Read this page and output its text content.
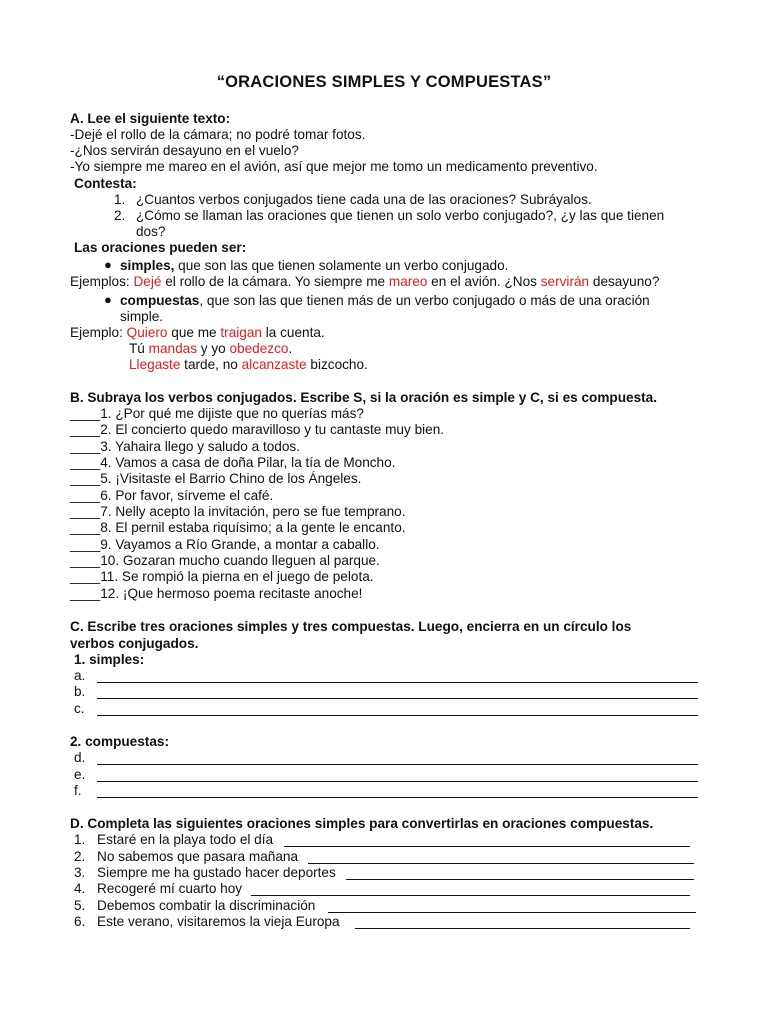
“ORACIONES SIMPLES Y COMPUESTAS”
A. Lee el siguiente texto:
-Dejé el rollo de la cámara; no podré tomar fotos.
-¿Nos servirán desayuno en el vuelo?
-Yo siempre me mareo en el avión, así que mejor me tomo un medicamento preventivo.
Contesta:
1. ¿Cuantos verbos conjugados tiene cada una de las oraciones? Subráyalos.
2. ¿Cómo se llaman las oraciones que tienen un solo verbo conjugado?, ¿y las que tienen
dos?
Las oraciones pueden ser:
● simples, que son las que tienen solamente un verbo conjugado.
Ejemplos: Dejé el rollo de la cámara. Yo siempre me mareo en el avión. ¿Nos servirán desayuno?
● compuestas, que son las que tienen más de un verbo conjugado o más de una oración
simple.
Ejemplo: Quiero que me traigan la cuenta.
Tú mandas y yo obedezco.
Llegaste tarde, no alcanzaste bizcocho.
B. Subraya los verbos conjugados. Escribe S, si la oración es simple y C, si es compuesta.
____1. ¿Por qué me dijiste que no querías más?
____2. El concierto quedo maravilloso y tu cantaste muy bien.
____3. Yahaira llego y saludo a todos.
____4. Vamos a casa de doña Pilar, la tía de Moncho.
____5. ¡Visitaste el Barrio Chino de los Ángeles.
____6. Por favor, sírveme el café.
____7. Nelly acepto la invitación, pero se fue temprano.
____8. El pernil estaba riquísimo; a la gente le encanto.
____9. Vayamos a Río Grande, a montar a caballo.
____10. Gozaran mucho cuando lleguen al parque.
____11. Se rompió la pierna en el juego de pelota.
____12. ¡Que hermoso poema recitaste anoche!
C. Escribe tres oraciones simples y tres compuestas. Luego, encierra en un círculo los
verbos conjugados.
1. simples:
a.
b.
c.
2. compuestas:
d.
e.
f.
D. Completa las siguientes oraciones simples para convertirlas en oraciones compuestas.
1. Estaré en la playa todo el día
2. No sabemos que pasara mañana
3. Siempre me ha gustado hacer deportes
4. Recogeré mí cuarto hoy
5. Debemos combatir la discriminación
6. Este verano, visitaremos la vieja Europa
